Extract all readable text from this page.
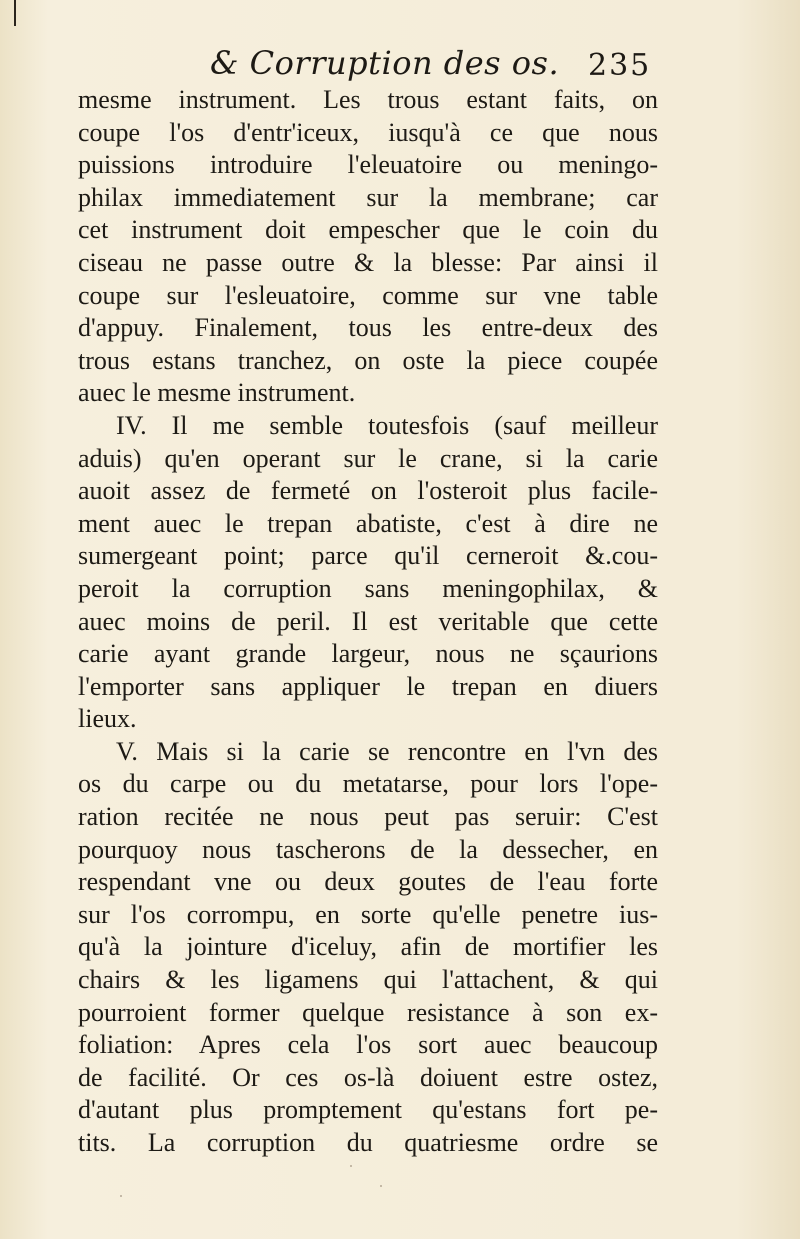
& Corruption des os. 235
mesme instrument. Les trous estant faits, on
coupe l'os d'entr'iceux, iusqu'à ce que nous
puissions introduire l'eleuatoire ou meningo-
philax immediatement sur la membrane; car
cet instrument doit empescher que le coin du
ciseau ne passe outre & la blesse: Par ainsi il
coupe sur l'esleuatoire, comme sur vne table
d'appuy. Finalement, tous les entre-deux des
trous estans tranchez, on oste la piece coupée
auec le mesme instrument.
IV. Il me semble toutesfois (sauf meilleur
aduis) qu'en operant sur le crane, si la carie
auoit assez de fermeté on l'osteroit plus facile-
ment auec le trepan abatiste, c'est à dire ne
sumergeant point; parce qu'il cerneroit &.cou-
peroit la corruption sans meningophilax, &
auec moins de peril. Il est veritable que cette
carie ayant grande largeur, nous ne sçaurions
l'emporter sans appliquer le trepan en diuers
lieux.
V. Mais si la carie se rencontre en l'vn des
os du carpe ou du metatarse, pour lors l'ope-
ration recitée ne nous peut pas seruir: C'est
pourquoy nous tascherons de la dessecher, en
respendant vne ou deux goutes de l'eau forte
sur l'os corrompu, en sorte qu'elle penetre ius-
qu'à la jointure d'iceluy, afin de mortifier les
chairs & les ligamens qui l'attachent, & qui
pourroient former quelque resistance à son ex-
foliation: Apres cela l'os sort auec beaucoup
de facilité. Or ces os-là doiuent estre ostez,
d'autant plus promptement qu'estans fort pe-
tits. La corruption du quatriesme ordre se
